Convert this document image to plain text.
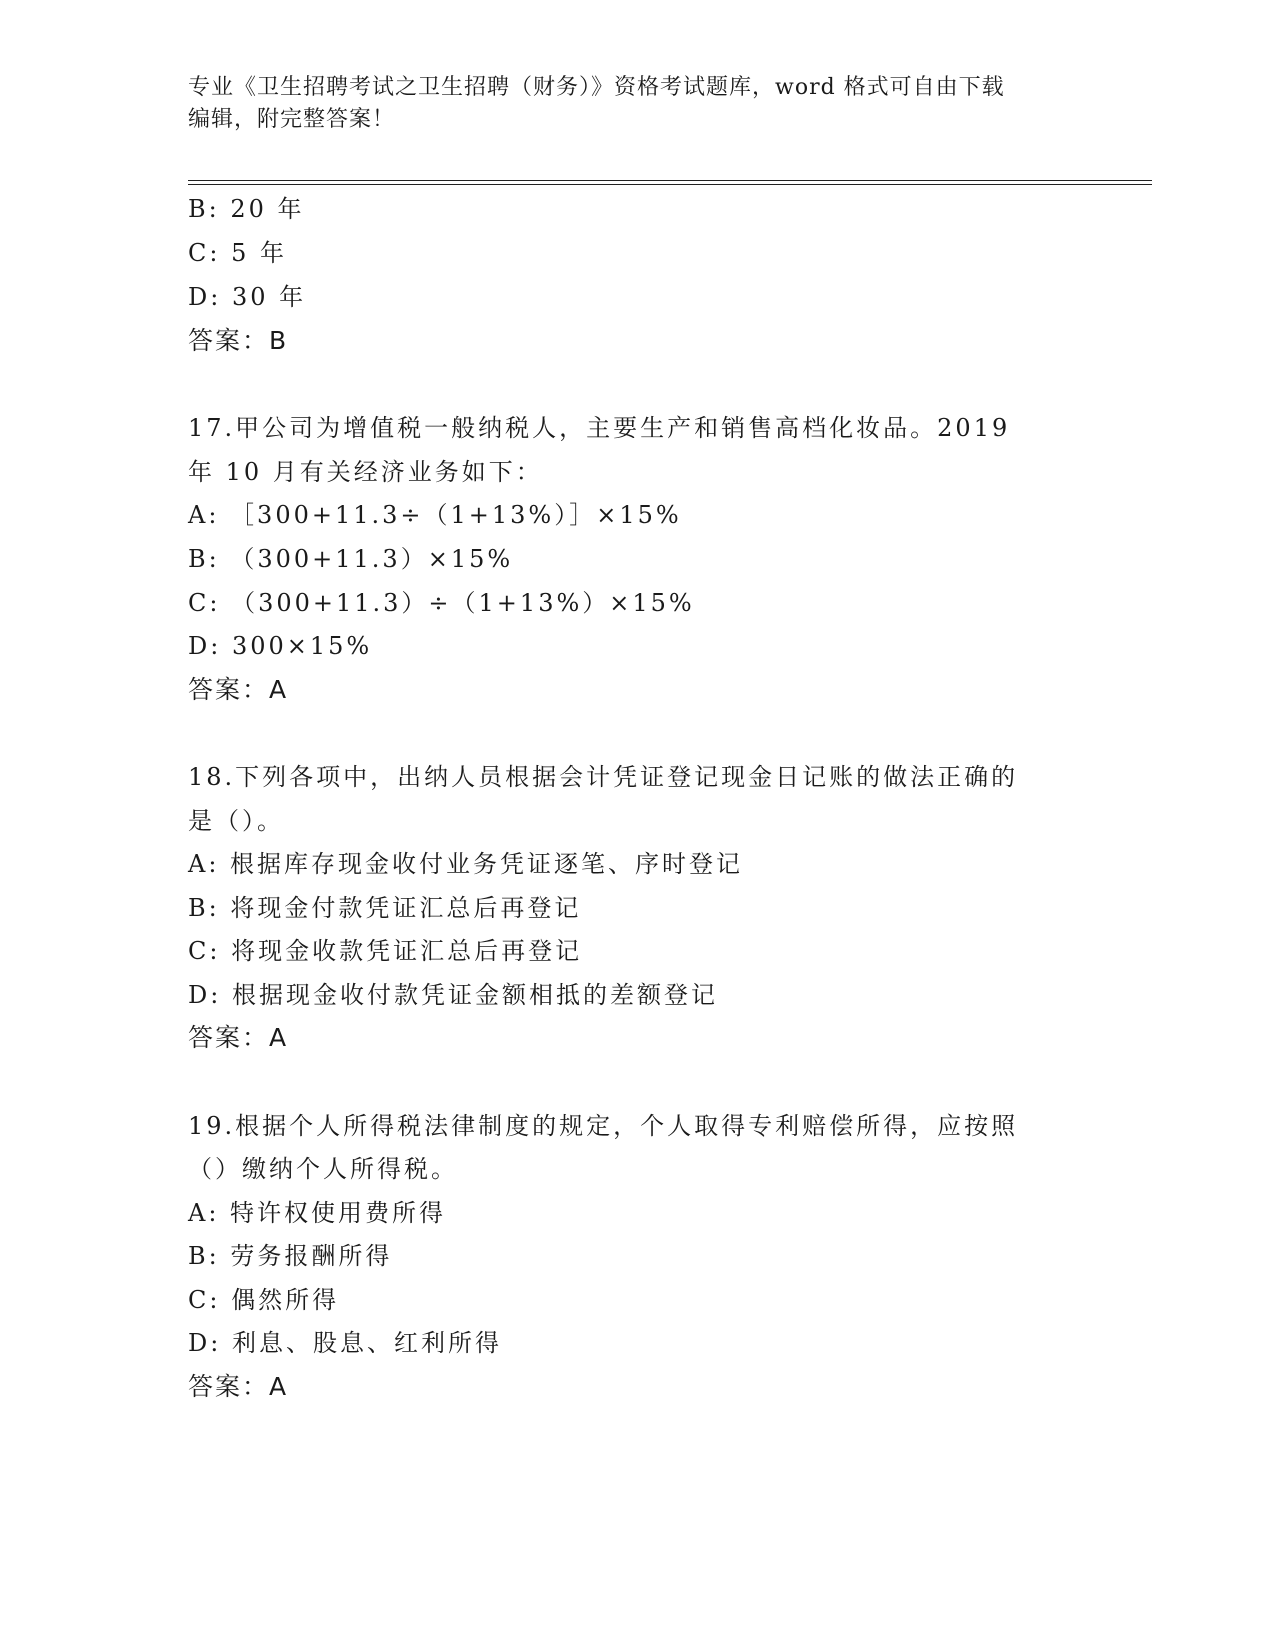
专业《卫生招聘考试之卫生招聘（财务）》资格考试题库，word 格式可自由下载
编辑，附完整答案！
B: 20 年
C: 5 年
D: 30 年
答案：B
17.甲公司为增值税一般纳税人，主要生产和销售高档化妆品。2019
年 10 月有关经济业务如下：
A: ［300+11.3÷（1+13%）］×15%
B: （300+11.3）×15%
C: （300+11.3）÷（1+13%）×15%
D: 300×15%
答案：A
18.下列各项中，出纳人员根据会计凭证登记现金日记账的做法正确的
是（）。
A: 根据库存现金收付业务凭证逐笔、序时登记
B: 将现金付款凭证汇总后再登记
C: 将现金收款凭证汇总后再登记
D: 根据现金收付款凭证金额相抵的差额登记
答案：A
19.根据个人所得税法律制度的规定，个人取得专利赔偿所得，应按照
（）缴纳个人所得税。
A: 特许权使用费所得
B: 劳务报酬所得
C: 偶然所得
D: 利息、股息、红利所得
答案：A
